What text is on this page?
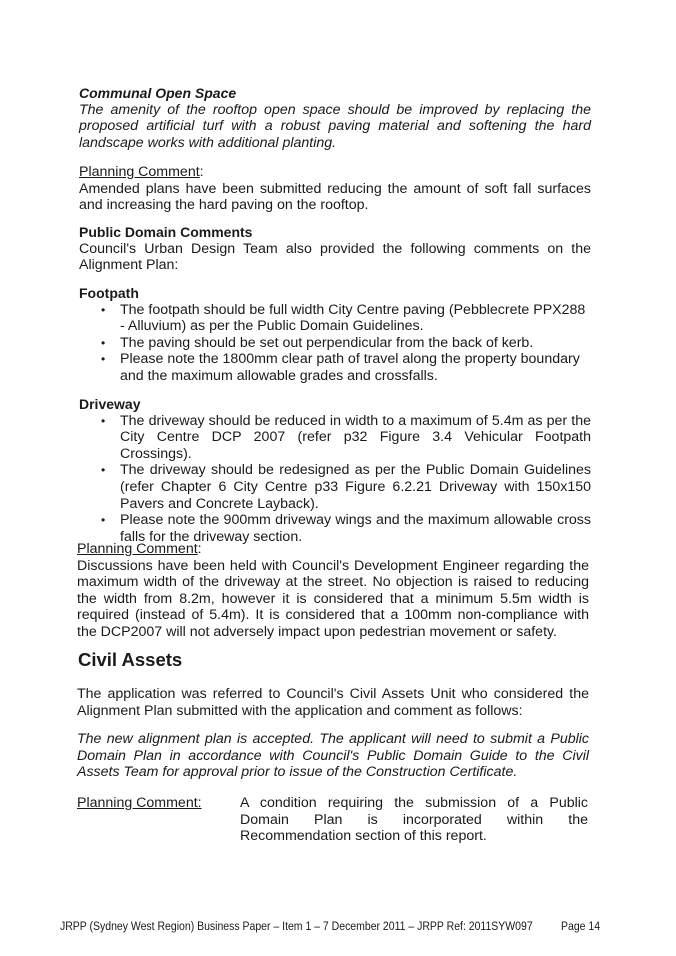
Communal Open Space
The amenity of the rooftop open space should be improved by replacing the proposed artificial turf with a robust paving material and softening the hard landscape works with additional planting.
Planning Comment:
Amended plans have been submitted reducing the amount of soft fall surfaces and increasing the hard paving on the rooftop.
Public Domain Comments
Council's Urban Design Team also provided the following comments on the Alignment Plan:
Footpath
• The footpath should be full width City Centre paving (Pebblecrete PPX288 - Alluvium) as per the Public Domain Guidelines.
• The paving should be set out perpendicular from the back of kerb.
• Please note the 1800mm clear path of travel along the property boundary and the maximum allowable grades and crossfalls.
Driveway
• The driveway should be reduced in width to a maximum of 5.4m as per the City Centre DCP 2007 (refer p32 Figure 3.4 Vehicular Footpath Crossings).
• The driveway should be redesigned as per the Public Domain Guidelines (refer Chapter 6 City Centre p33 Figure 6.2.21 Driveway with 150x150 Pavers and Concrete Layback).
• Please note the 900mm driveway wings and the maximum allowable cross falls for the driveway section.
Planning Comment:
Discussions have been held with Council's Development Engineer regarding the maximum width of the driveway at the street. No objection is raised to reducing the width from 8.2m, however it is considered that a minimum 5.5m width is required (instead of 5.4m). It is considered that a 100mm non-compliance with the DCP2007 will not adversely impact upon pedestrian movement or safety.
Civil Assets
The application was referred to Council's Civil Assets Unit who considered the Alignment Plan submitted with the application and comment as follows:
The new alignment plan is accepted. The applicant will need to submit a Public Domain Plan in accordance with Council's Public Domain Guide to the Civil Assets Team for approval prior to issue of the Construction Certificate.
Planning Comment:	A condition requiring the submission of a Public Domain Plan is incorporated within the Recommendation section of this report.
JRPP (Sydney West Region) Business Paper – Item 1 – 7 December 2011 – JRPP Ref: 2011SYW097 Page 14
